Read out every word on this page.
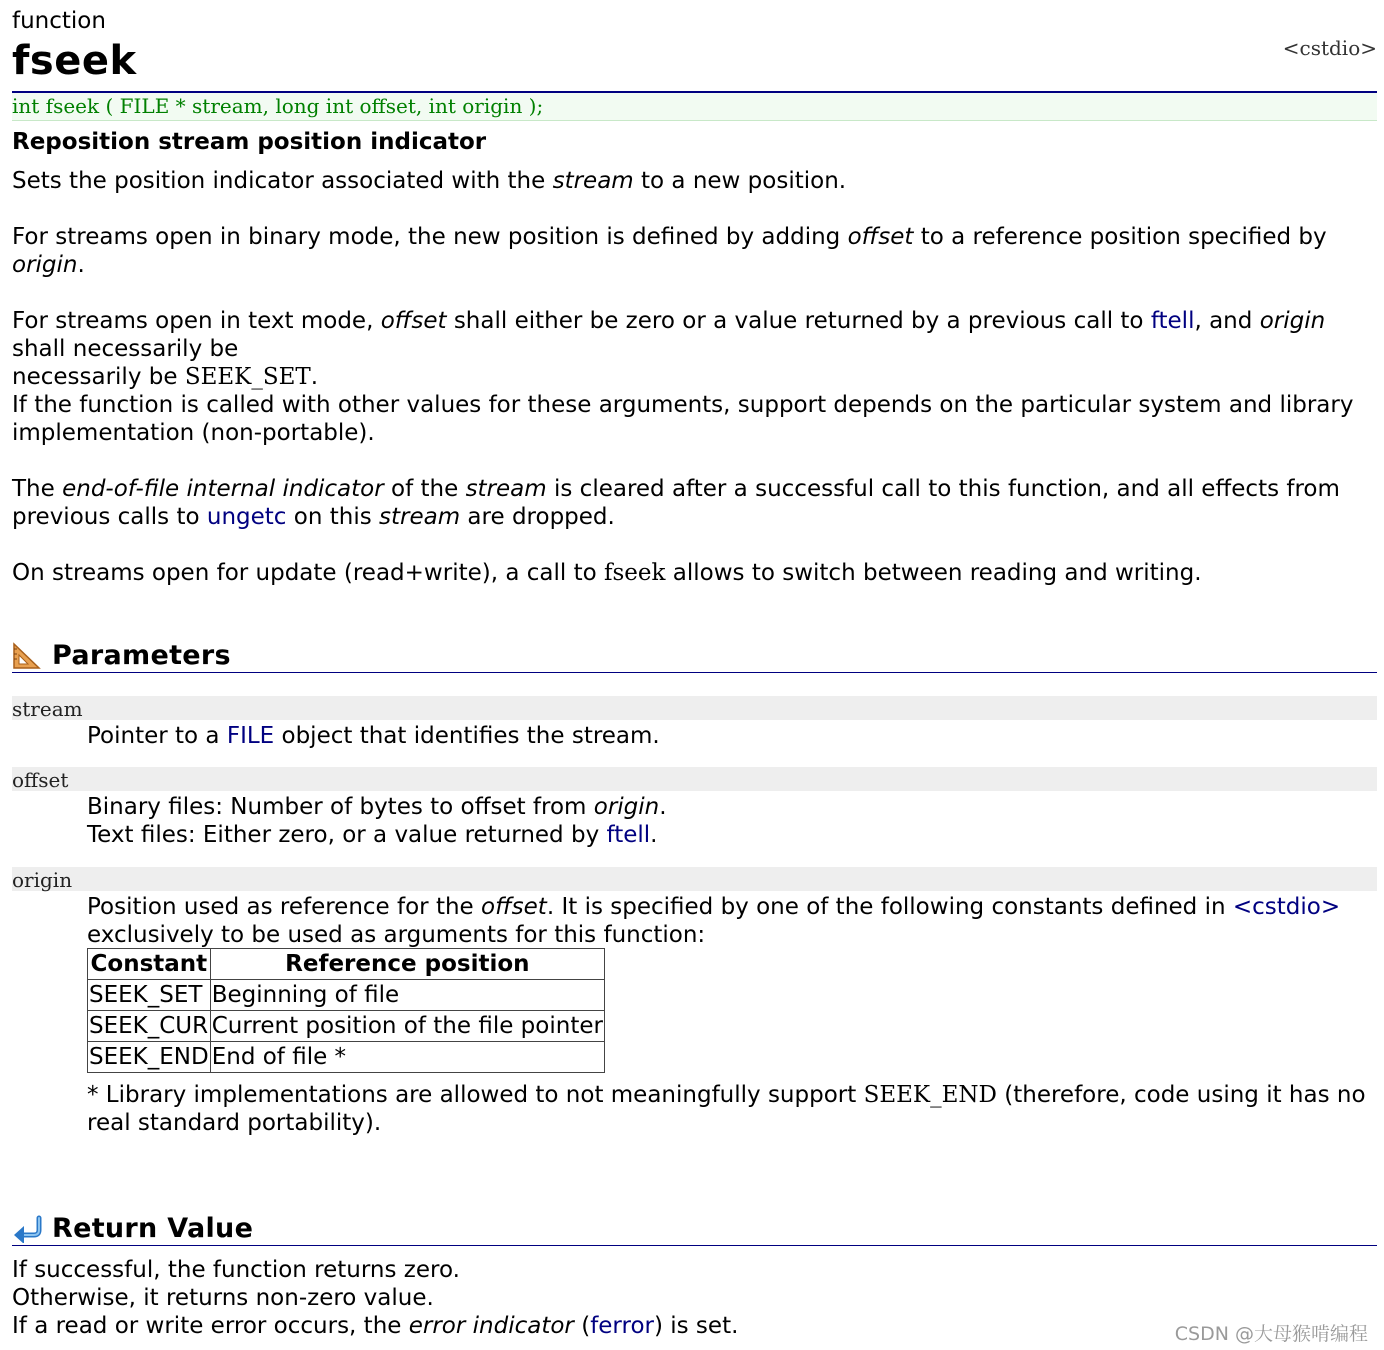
function
fseek	<cstdio>
int fseek ( FILE * stream, long int offset, int origin );
Reposition stream position indicator
Sets the position indicator associated with the stream to a new position.
For streams open in binary mode, the new position is defined by adding offset to a reference position specified by
origin.
For streams open in text mode, offset shall either be zero or a value returned by a previous call to ftell, and origin shall necessarily be
necessarily be SEEK_SET.
If the function is called with other values for these arguments, support depends on the particular system and library implementation (non-portable).
The end-of-file internal indicator of the stream is cleared after a successful call to this function, and all effects from previous calls to ungetc on this stream are dropped.
On streams open for update (read+write), a call to fseek allows to switch between reading and writing.
Parameters
stream
Pointer to a FILE object that identifies the stream.
offset
Binary files: Number of bytes to offset from origin.
Text files: Either zero, or a value returned by ftell.
origin
Position used as reference for the offset. It is specified by one of the following constants defined in <cstdio>
exclusively to be used as arguments for this function:
Constant	Reference position
SEEK_SET	Beginning of file
SEEK_CUR	Current position of the file pointer
SEEK_END	End of file *
* Library implementations are allowed to not meaningfully support SEEK_END (therefore, code using it has no real standard portability).
Return Value
If successful, the function returns zero.
Otherwise, it returns non-zero value.
If a read or write error occurs, the error indicator (ferror) is set.	CSDN @大母猴啃编程
